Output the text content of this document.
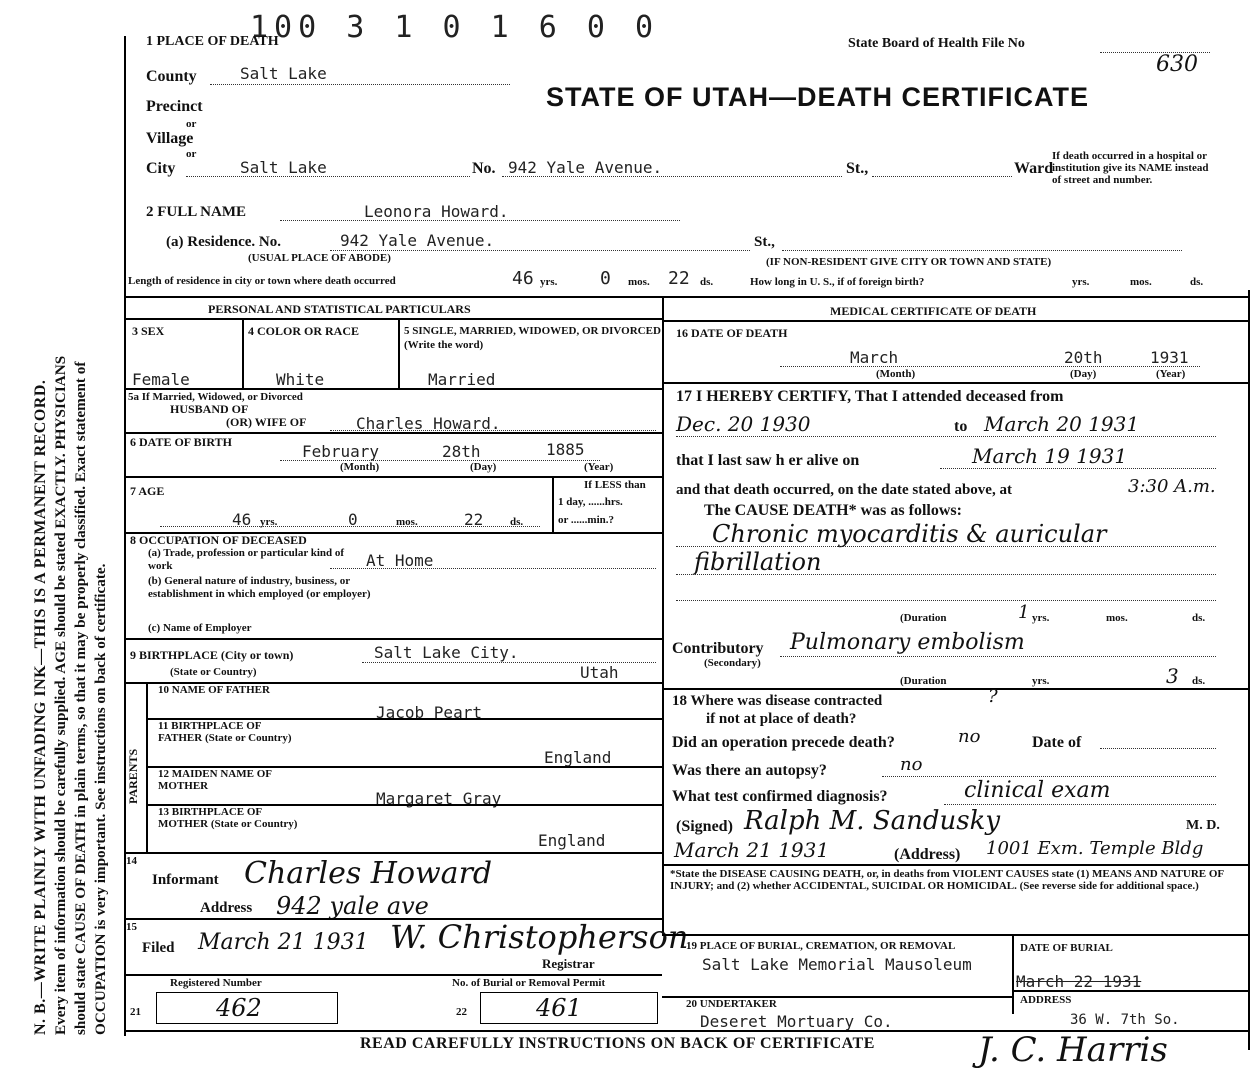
N. B.—WRITE PLAINLY WITH UNFADING INK—THIS IS A PERMANENT RECORD. Every item of information should be carefully supplied. AGE should be stated EXACTLY. PHYSICIANS should state CAUSE OF DEATH in plain terms, so that it may be properly classified. Exact statement of OCCUPATION is very important. See instructions on back of certificate.
100 3 1 0 1 6 0 0	State Board of Health File No
630
STATE OF UTAH—DEATH CERTIFICATE
1 PLACE OF DEATH
County	Salt Lake
Precinct
or
Village
or
City	Salt Lake	No. 942 Yale Avenue.	St.,	Ward
If death occurred in a hospital or institution give its NAME instead of street and number.
2 FULL NAME	Leonora Howard.
(a) Residence. No.	942 Yale Avenue.	St.,
(USUAL PLACE OF ABODE)	(IF NON-RESIDENT GIVE CITY OR TOWN AND STATE)
Length of residence in city or town where death occurred	46 yrs. 0 mos. 22 ds.	How long in U. S., if of foreign birth?	yrs.	mos.	ds.
PERSONAL AND STATISTICAL PARTICULARS	MEDICAL CERTIFICATE OF DEATH
3 SEX	4 COLOR OR RACE	5 SINGLE, MARRIED, WIDOWED, OR DIVORCED (Write the word)
Female	White	Married
5a If Married, Widowed, or Divorced
HUSBAND OF
(OR) WIFE OF	Charles Howard.
6 DATE OF BIRTH	February	28th	1885
(Month)	(Day)	(Year)
7 AGE
46 yrs.	0	mos.	22 ds.
If LESS than
1 day, ......hrs.
or ......min.?
8 OCCUPATION OF DECEASED
(a) Trade, profession or particular kind of work	At Home
(b) General nature of industry, business, or establishment in which employed (or employer)
(c) Name of Employer
9 BIRTHPLACE (City or town)	Salt Lake City.
(State or Country)	Utah
PARENTS
10 NAME OF FATHER
Jacob Peart
11 BIRTHPLACE OF FATHER (State or Country)
England
12 MAIDEN NAME OF MOTHER
Margaret Gray
13 BIRTHPLACE OF MOTHER (State or Country)
England
14
Informant Charles Howard
Address 942 yale ave
15
Filed March 21 1931 W. Christopherson
Registrar
Registered Number	No. of Burial or Removal Permit
21	462	22	461
16 DATE OF DEATH
March	20th	1931
(Month)	(Day)	(Year)
17 I HEREBY CERTIFY, That I attended deceased from
Dec. 20 1930	to March 20 1931
that I last saw h er alive on	March 19 1931
and that death occurred, on the date stated above, at	3:30 A.m.
The CAUSE DEATH* was as follows:
Chronic myocarditis & auricular
fibrillation
(Duration	1 yrs.	mos.	ds.
Contributory
(Secondary)
Pulmonary embolism
(Duration	yrs.	3 ds.
18 Where was disease contracted	?
if not at place of death?
Did an operation precede death?	no	Date of
Was there an autopsy?	no
What test confirmed diagnosis?	clinical exam
(Signed) Ralph M. Sandusky	M. D.
March 21 1931	(Address) 1001 Exm. Temple Bldg
*State the DISEASE CAUSING DEATH, or, in deaths from VIOLENT CAUSES state (1) MEANS AND NATURE OF INJURY; and (2) whether ACCIDENTAL, SUICIDAL OR HOMICIDAL. (See reverse side for additional space.)
19 PLACE OF BURIAL, CREMATION, OR REMOVAL
Salt Lake Memorial Mausoleum
DATE OF BURIAL
March 22 1931
ADDRESS
20 UNDERTAKER
Deseret Mortuary Co.	36 W. 7th So.
READ CAREFULLY INSTRUCTIONS ON BACK OF CERTIFICATE	J. C. Harris
